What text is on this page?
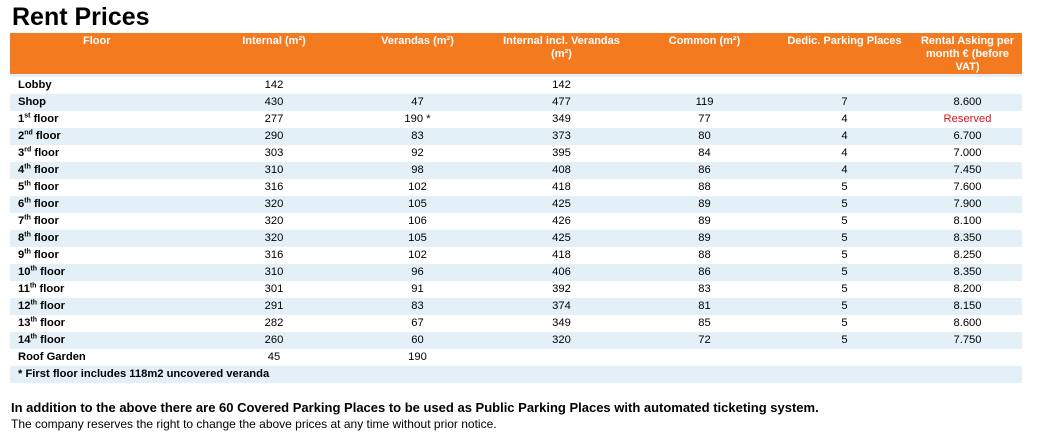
Rent Prices
Floor	Internal (m²)	Verandas (m²)	Internal incl. Verandas (m²)	Common (m²)	Dedic. Parking Places	Rental Asking per month € (before VAT)

Lobby	142		142			
Shop	430	47	477	119	7	8.600
1st floor	277	190 *	349	77	4	Reserved
2nd floor	290	83	373	80	4	6.700
3rd floor	303	92	395	84	4	7.000
4th floor	310	98	408	86	4	7.450
5th floor	316	102	418	88	5	7.600
6th floor	320	105	425	89	5	7.900
7th floor	320	106	426	89	5	8.100
8th floor	320	105	425	89	5	8.350
9th floor	316	102	418	88	5	8.250
10th floor	310	96	406	86	5	8.350
11th floor	301	91	392	83	5	8.200
12th floor	291	83	374	81	5	8.150
13th floor	282	67	349	85	5	8.600
14th floor	260	60	320	72	5	7.750
Roof Garden	45	190				
* First floor includes 118m2 uncovered veranda						

In addition to the above there are 60 Covered Parking Places to be used as Public Parking Places with automated ticketing system.
The company reserves the right to change the above prices at any time without prior notice.
